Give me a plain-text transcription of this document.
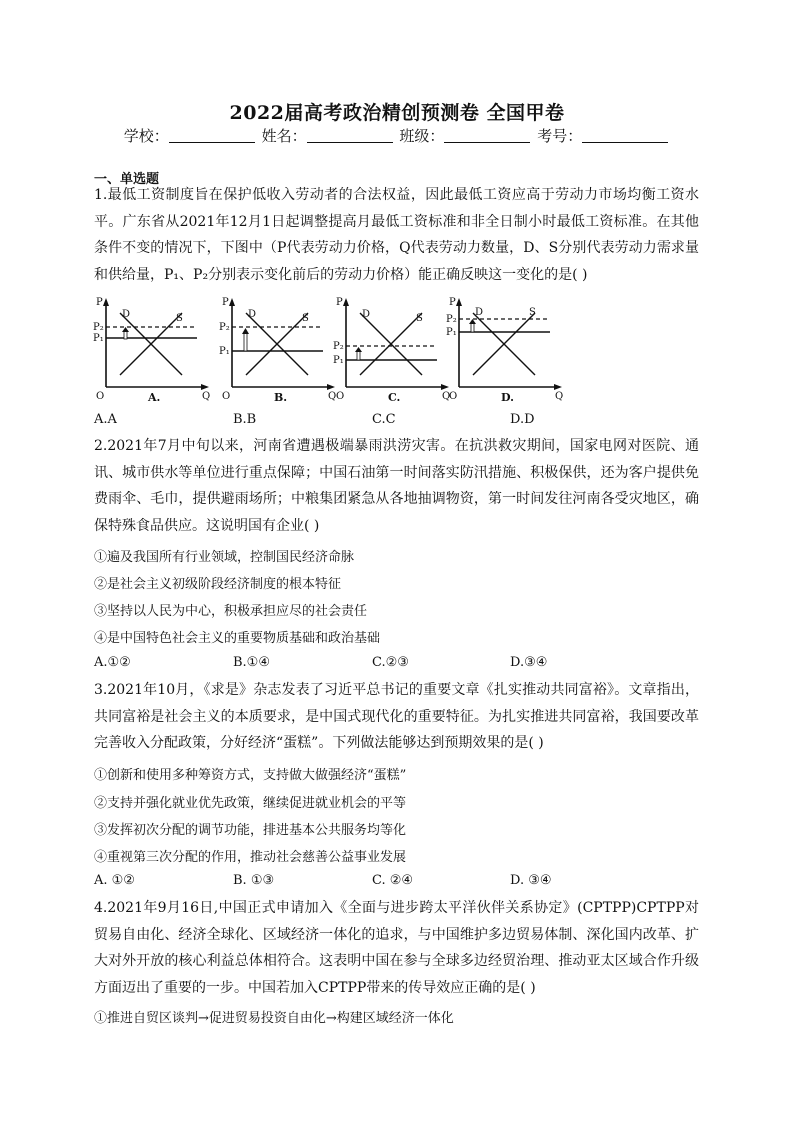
2022届高考政治精创预测卷 全国甲卷
学校：	姓名：	班级：	考号：
一、单选题
1.最低工资制度旨在保护低收入劳动者的合法权益，因此最低工资应高于劳动力市场均衡工资水平。广东省从2021年12月1日起调整提高月最低工资标准和非全日制小时最低工资标准。在其他条件不变的情况下，下图中（P代表劳动力价格，Q代表劳动力数量，D、S分别代表劳动力需求量和供给量，P₁、P₂分别表示变化前后的劳动力价格）能正确反映这一变化的是( )
P
Q
O
D	S
P₂
P₁
A.
P
Q
O
D	S
P₂
P₁
B.
P
Q
O
D	S
P₂
P₁
C.
P
Q
O
D	S
P₂
P₁
D.
A.A	B.B	C.C	D.D
2.2021年7月中旬以来，河南省遭遇极端暴雨洪涝灾害。在抗洪救灾期间，国家电网对医院、通讯、城市供水等单位进行重点保障；中国石油第一时间落实防汛措施、积极保供，还为客户提供免费雨伞、毛巾，提供避雨场所；中粮集团紧急从各地抽调物资，第一时间发往河南各受灾地区，确保特殊食品供应。这说明国有企业( )
①遍及我国所有行业领域，控制国民经济命脉
②是社会主义初级阶段经济制度的根本特征
③坚持以人民为中心，积极承担应尽的社会责任
④是中国特色社会主义的重要物质基础和政治基础
A.①②	B.①④	C.②③	D.③④
3.2021年10月，《求是》杂志发表了习近平总书记的重要文章《扎实推动共同富裕》。文章指出，共同富裕是社会主义的本质要求，是中国式现代化的重要特征。为扎实推进共同富裕，我国要改革完善收入分配政策，分好经济“蛋糕”。下列做法能够达到预期效果的是( )
①创新和使用多种筹资方式，支持做大做强经济“蛋糕”
②支持并强化就业优先政策，继续促进就业机会的平等
③发挥初次分配的调节功能，排进基本公共服务均等化
④重视第三次分配的作用，推动社会慈善公益事业发展
A. ①②	B. ①③	C. ②④	D. ③④
4.2021年9月16日,中国正式申请加入《全面与进步跨太平洋伙伴关系协定》(CPTPP)CPTPP对贸易自由化、经济全球化、区域经济一体化的追求，与中国维护多边贸易体制、深化国内改革、扩大对外开放的核心利益总体相符合。这表明中国在参与全球多边经贸治理、推动亚太区域合作升级方面迈出了重要的一步。中国若加入CPTPP带来的传导效应正确的是( )
①推进自贸区谈判→促进贸易投资自由化→构建区域经济一体化
